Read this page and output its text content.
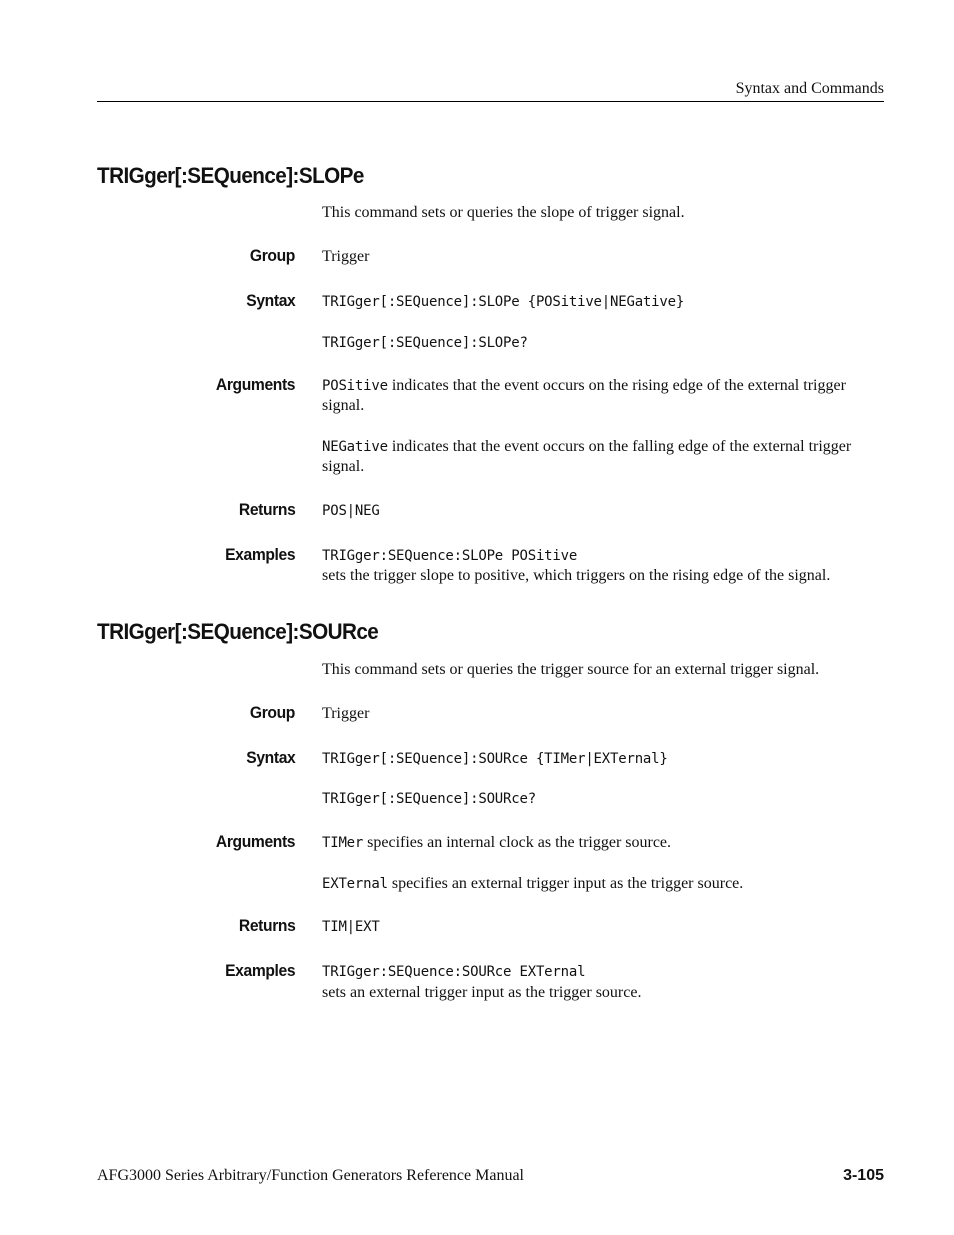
Syntax and Commands
TRIGger[:SEQuence]:SLOPe
This command sets or queries the slope of trigger signal.
Group Trigger
Syntax TRIGger[:SEQuence]:SLOPe {POSitive|NEGative}
TRIGger[:SEQuence]:SLOPe?
Arguments POSitive indicates that the event occurs on the rising edge of the external trigger signal.
NEGative indicates that the event occurs on the falling edge of the external trigger signal.
Returns POS|NEG
Examples TRIGger:SEQuence:SLOPe POSitive
sets the trigger slope to positive, which triggers on the rising edge of the signal.
TRIGger[:SEQuence]:SOURce
This command sets or queries the trigger source for an external trigger signal.
Group Trigger
Syntax TRIGger[:SEQuence]:SOURce {TIMer|EXTernal}
TRIGger[:SEQuence]:SOURce?
Arguments TIMer specifies an internal clock as the trigger source.
EXTernal specifies an external trigger input as the trigger source.
Returns TIM|EXT
Examples TRIGger:SEQuence:SOURce EXTernal
sets an external trigger input as the trigger source.
AFG3000 Series Arbitrary/Function Generators Reference Manual	3-105
